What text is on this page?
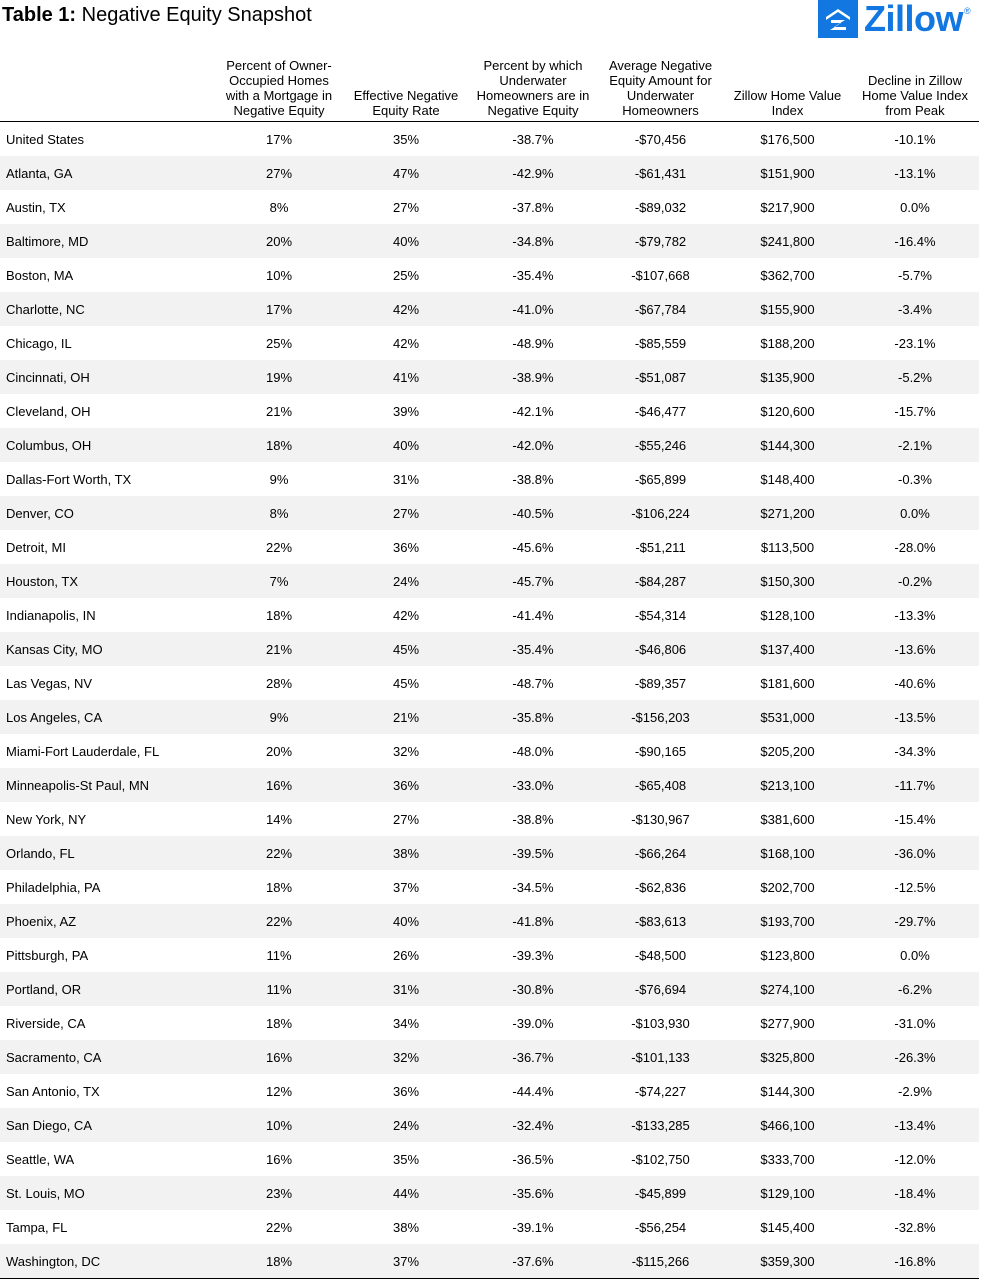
Table 1: Negative Equity Snapshot	Zillow ®
	Percent of Owner-Occupied Homes with a Mortgage in Negative Equity	Effective Negative Equity Rate	Percent by which Underwater Homeowners are in Negative Equity	Average Negative Equity Amount for Underwater Homeowners	Zillow Home Value Index	Decline in Zillow Home Value Index from Peak
United States	17%	35%	-38.7%	-$70,456	$176,500	-10.1%
Atlanta, GA	27%	47%	-42.9%	-$61,431	$151,900	-13.1%
Austin, TX	8%	27%	-37.8%	-$89,032	$217,900	0.0%
Baltimore, MD	20%	40%	-34.8%	-$79,782	$241,800	-16.4%
Boston, MA	10%	25%	-35.4%	-$107,668	$362,700	-5.7%
Charlotte, NC	17%	42%	-41.0%	-$67,784	$155,900	-3.4%
Chicago, IL	25%	42%	-48.9%	-$85,559	$188,200	-23.1%
Cincinnati, OH	19%	41%	-38.9%	-$51,087	$135,900	-5.2%
Cleveland, OH	21%	39%	-42.1%	-$46,477	$120,600	-15.7%
Columbus, OH	18%	40%	-42.0%	-$55,246	$144,300	-2.1%
Dallas-Fort Worth, TX	9%	31%	-38.8%	-$65,899	$148,400	-0.3%
Denver, CO	8%	27%	-40.5%	-$106,224	$271,200	0.0%
Detroit, MI	22%	36%	-45.6%	-$51,211	$113,500	-28.0%
Houston, TX	7%	24%	-45.7%	-$84,287	$150,300	-0.2%
Indianapolis, IN	18%	42%	-41.4%	-$54,314	$128,100	-13.3%
Kansas City, MO	21%	45%	-35.4%	-$46,806	$137,400	-13.6%
Las Vegas, NV	28%	45%	-48.7%	-$89,357	$181,600	-40.6%
Los Angeles, CA	9%	21%	-35.8%	-$156,203	$531,000	-13.5%
Miami-Fort Lauderdale, FL	20%	32%	-48.0%	-$90,165	$205,200	-34.3%
Minneapolis-St Paul, MN	16%	36%	-33.0%	-$65,408	$213,100	-11.7%
New York, NY	14%	27%	-38.8%	-$130,967	$381,600	-15.4%
Orlando, FL	22%	38%	-39.5%	-$66,264	$168,100	-36.0%
Philadelphia, PA	18%	37%	-34.5%	-$62,836	$202,700	-12.5%
Phoenix, AZ	22%	40%	-41.8%	-$83,613	$193,700	-29.7%
Pittsburgh, PA	11%	26%	-39.3%	-$48,500	$123,800	0.0%
Portland, OR	11%	31%	-30.8%	-$76,694	$274,100	-6.2%
Riverside, CA	18%	34%	-39.0%	-$103,930	$277,900	-31.0%
Sacramento, CA	16%	32%	-36.7%	-$101,133	$325,800	-26.3%
San Antonio, TX	12%	36%	-44.4%	-$74,227	$144,300	-2.9%
San Diego, CA	10%	24%	-32.4%	-$133,285	$466,100	-13.4%
Seattle, WA	16%	35%	-36.5%	-$102,750	$333,700	-12.0%
St. Louis, MO	23%	44%	-35.6%	-$45,899	$129,100	-18.4%
Tampa, FL	22%	38%	-39.1%	-$56,254	$145,400	-32.8%
Washington, DC	18%	37%	-37.6%	-$115,266	$359,300	-16.8%
